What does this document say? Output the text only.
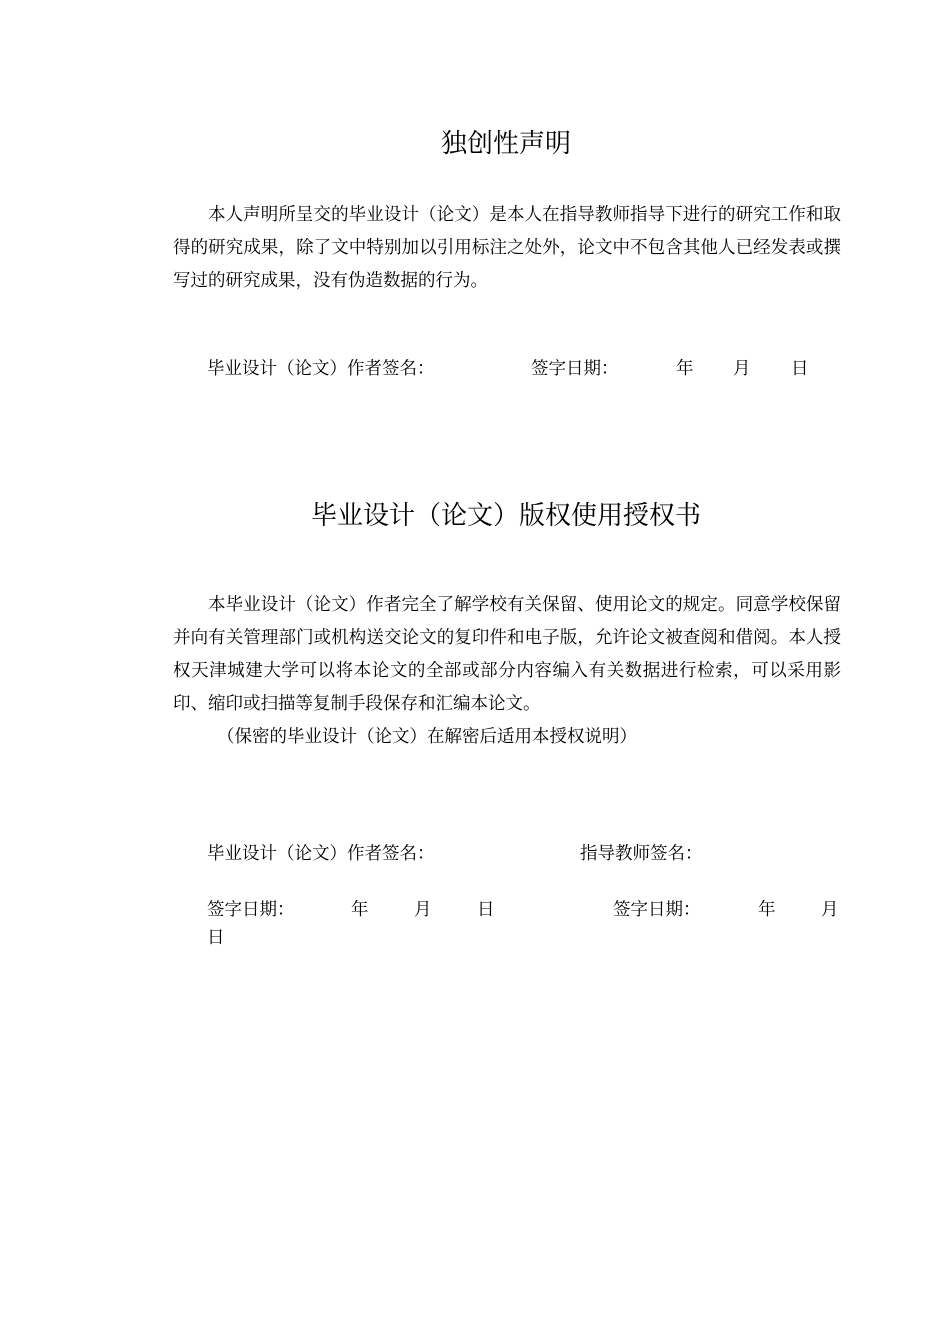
独创性声明
本人声明所呈交的毕业设计（论文）是本人在指导教师指导下进行的研究工作和取得的研究成果，除了文中特别加以引用标注之处外，论文中不包含其他人已经发表或撰写过的研究成果，没有伪造数据的行为。
毕业设计（论文）作者签名：	签字日期：	年 月 日
毕业设计（论文）版权使用授权书
本毕业设计（论文）作者完全了解学校有关保留、使用论文的规定。同意学校保留并向有关管理部门或机构送交论文的复印件和电子版，允许论文被查阅和借阅。本人授权天津城建大学可以将本论文的全部或部分内容编入有关数据进行检索，可以采用影印、缩印或扫描等复制手段保存和汇编本论文。
（保密的毕业设计（论文）在解密后适用本授权说明）
毕业设计（论文）作者签名：	指导教师签名：
签字日期：	年	月	日	签字日期：	年	月
日
